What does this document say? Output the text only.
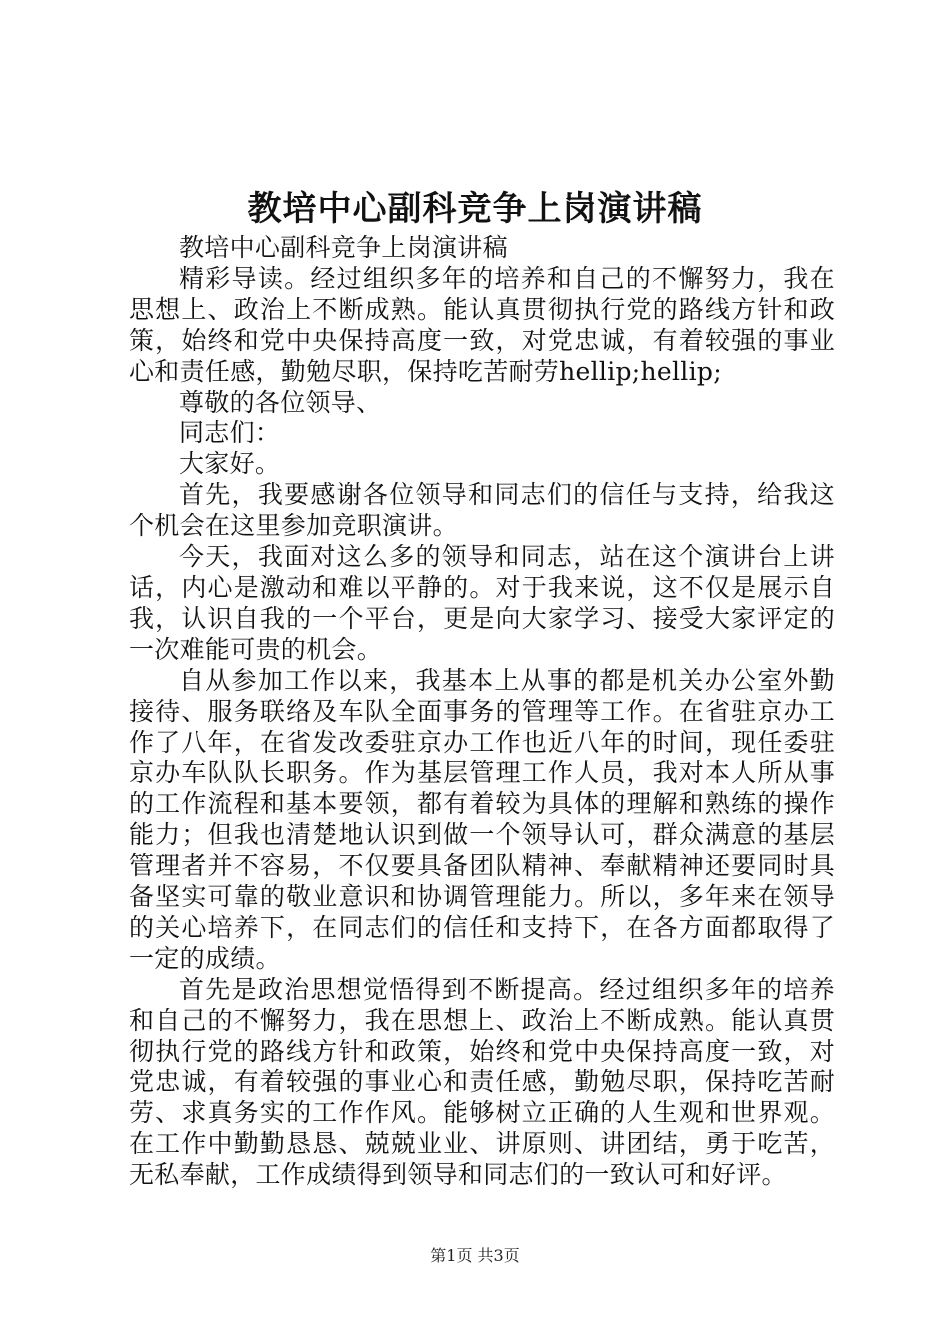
教培中心副科竞争上岗演讲稿

教培中心副科竞争上岗演讲稿

精彩导读。经过组织多年的培养和自己的不懈努力，我在思想上、政治上不断成熟。能认真贯彻执行党的路线方针和政策，始终和党中央保持高度一致，对党忠诚，有着较强的事业心和责任感，勤勉尽职，保持吃苦耐劳hellip;hellip;

尊敬的各位领导、

同志们：

大家好。

首先，我要感谢各位领导和同志们的信任与支持，给我这个机会在这里参加竞职演讲。

今天，我面对这么多的领导和同志，站在这个演讲台上讲话，内心是激动和难以平静的。对于我来说，这不仅是展示自我，认识自我的一个平台，更是向大家学习、接受大家评定的一次难能可贵的机会。

自从参加工作以来，我基本上从事的都是机关办公室外勤接待、服务联络及车队全面事务的管理等工作。在省驻京办工作了八年，在省发改委驻京办工作也近八年的时间，现任委驻京办车队队长职务。作为基层管理工作人员，我对本人所从事的工作流程和基本要领，都有着较为具体的理解和熟练的操作能力；但我也清楚地认识到做一个领导认可，群众满意的基层管理者并不容易，不仅要具备团队精神、奉献精神还要同时具备坚实可靠的敬业意识和协调管理能力。所以，多年来在领导的关心培养下，在同志们的信任和支持下，在各方面都取得了一定的成绩。

首先是政治思想觉悟得到不断提高。经过组织多年的培养和自己的不懈努力，我在思想上、政治上不断成熟。能认真贯彻执行党的路线方针和政策，始终和党中央保持高度一致，对党忠诚，有着较强的事业心和责任感，勤勉尽职，保持吃苦耐劳、求真务实的工作作风。能够树立正确的人生观和世界观。在工作中勤勤恳恳、兢兢业业、讲原则、讲团结，勇于吃苦，无私奉献，工作成绩得到领导和同志们的一致认可和好评。

第1页 共3页
